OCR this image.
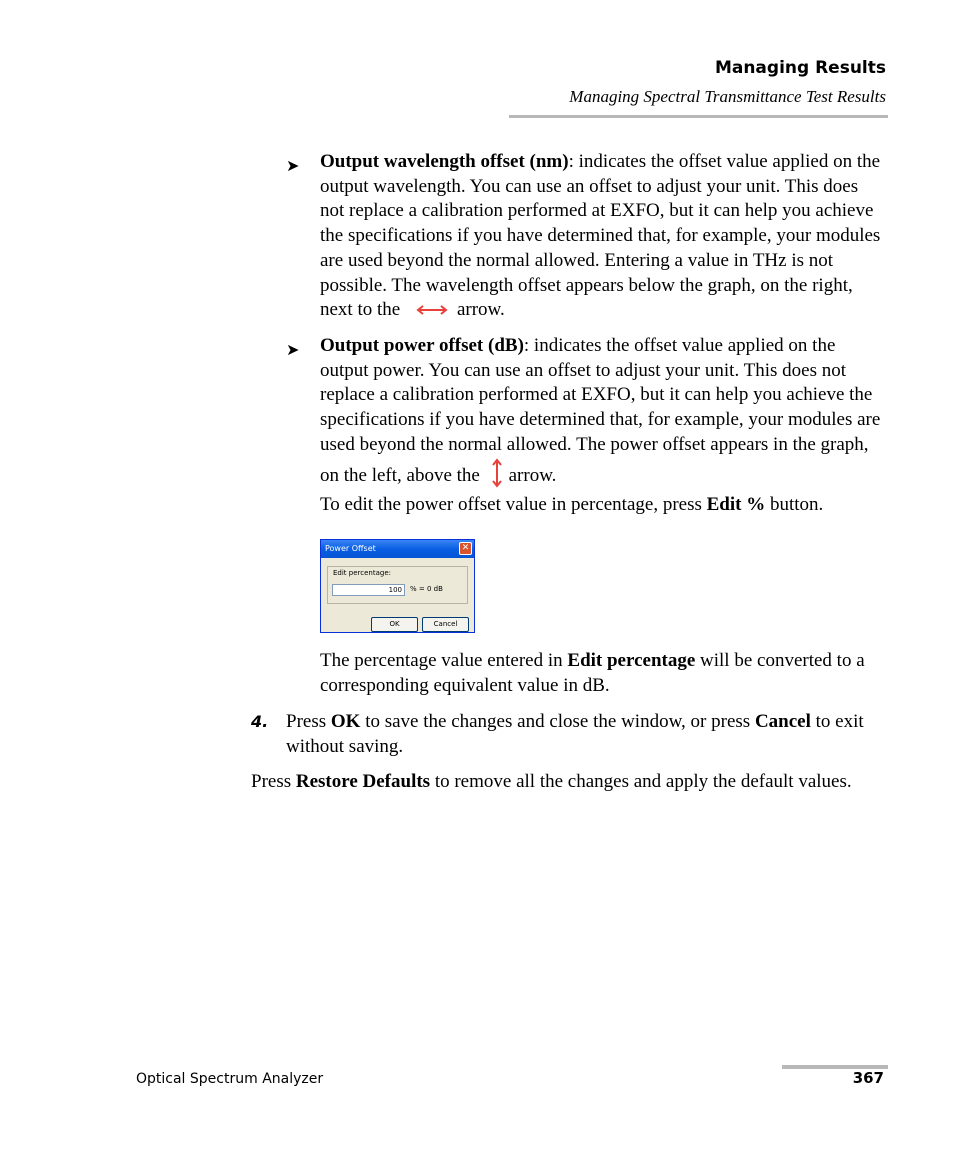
Managing Results
Managing Spectral Transmittance Test Results
➤ Output wavelength offset (nm): indicates the offset value applied on the output wavelength. You can use an offset to adjust your unit. This does not replace a calibration performed at EXFO, but it can help you achieve the specifications if you have determined that, for example, your modules are used beyond the normal allowed. Entering a value in THz is not possible. The wavelength offset appears below the graph, on the right, next to the	arrow.
➤ Output power offset (dB): indicates the offset value applied on the output power. You can use an offset to adjust your unit. This does not replace a calibration performed at EXFO, but it can help you achieve the specifications if you have determined that, for example, your modules are used beyond the normal allowed. The power offset appears in the graph, on the left, above the arrow.
To edit the power offset value in percentage, press Edit % button.
Power Offset	✕
Edit percentage:
100	% = 0 dB
OK	Cancel
The percentage value entered in Edit percentage will be converted to a corresponding equivalent value in dB.
4. Press OK to save the changes and close the window, or press Cancel to exit without saving.
Press Restore Defaults to remove all the changes and apply the default values.
Optical Spectrum Analyzer	367
